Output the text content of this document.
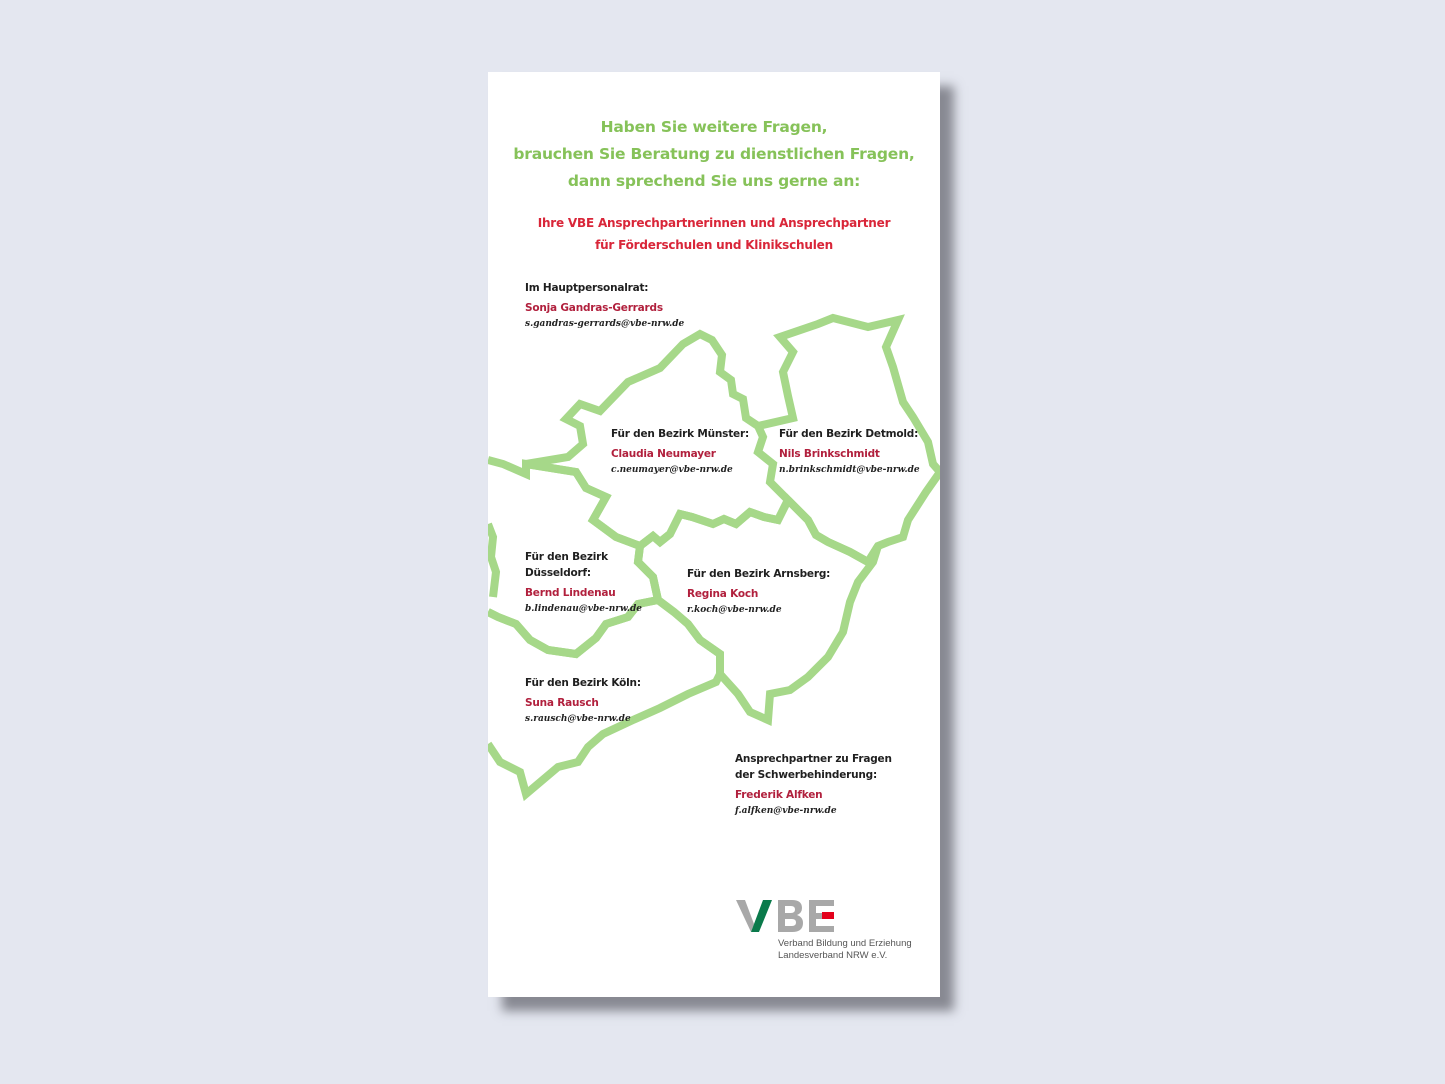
Haben Sie weitere Fragen,
brauchen Sie Beratung zu dienstlichen Fragen,
dann sprechend Sie uns gerne an:
Ihre VBE Ansprechpartnerinnen und Ansprechpartner
für Förderschulen und Klinikschulen
Im Hauptpersonalrat:
Sonja Gandras-Gerrards
s.gandras-gerrards@vbe-nrw.de
Für den Bezirk Münster:
Claudia Neumayer
c.neumayer@vbe-nrw.de
Für den Bezirk Detmold:
Nils Brinkschmidt
n.brinkschmidt@vbe-nrw.de
Für den Bezirk
Düsseldorf:
Bernd Lindenau
b.lindenau@vbe-nrw.de
Für den Bezirk Arnsberg:
Regina Koch
r.koch@vbe-nrw.de
Für den Bezirk Köln:
Suna Rausch
s.rausch@vbe-nrw.de
Ansprechpartner zu Fragen
der Schwerbehinderung:
Frederik Alfken
f.alfken@vbe-nrw.de
Verband Bildung und Erziehung
Landesverband NRW e.V.
